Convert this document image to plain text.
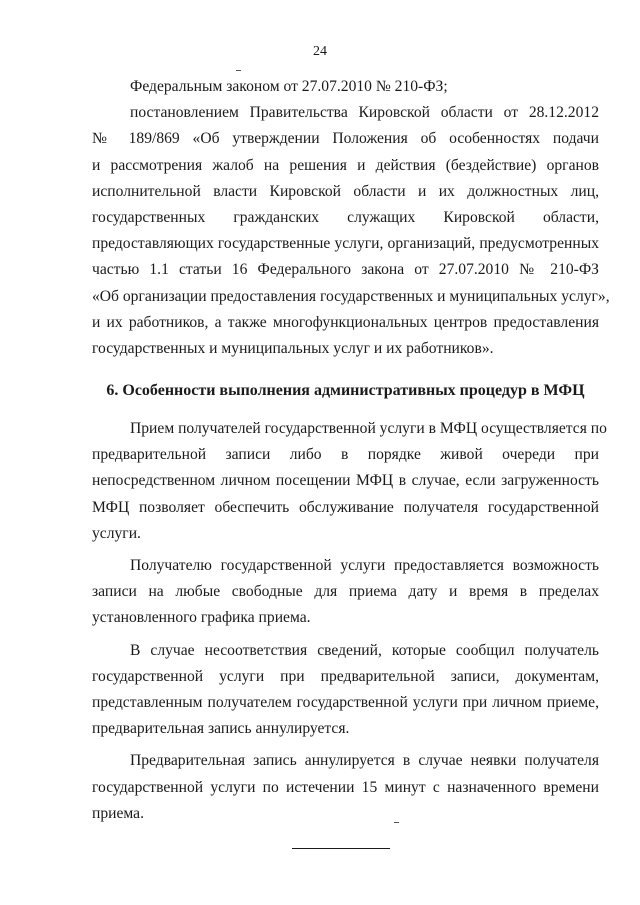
24
Федеральным законом от 27.07.2010 № 210-ФЗ;
постановлением Правительства Кировской области от 28.12.2012
№ 189/869 «Об утверждении Положения об особенностях подачи
и рассмотрения жалоб на решения и действия (бездействие) органов
исполнительной власти Кировской области и их должностных лиц,
государственных гражданских служащих Кировской области,
предоставляющих государственные услуги, организаций, предусмотренных
частью 1.1 статьи 16 Федерального закона от 27.07.2010 № 210-ФЗ
«Об организации предоставления государственных и муниципальных услуг»,
и их работников, а также многофункциональных центров предоставления
государственных и муниципальных услуг и их работников».
6. Особенности выполнения административных процедур в МФЦ
Прием получателей государственной услуги в МФЦ осуществляется по
предварительной записи либо в порядке живой очереди при
непосредственном личном посещении МФЦ в случае, если загруженность
МФЦ позволяет обеспечить обслуживание получателя государственной
услуги.
Получателю государственной услуги предоставляется возможность
записи на любые свободные для приема дату и время в пределах
установленного графика приема.
В случае несоответствия сведений, которые сообщил получатель
государственной услуги при предварительной записи, документам,
представленным получателем государственной услуги при личном приеме,
предварительная запись аннулируется.
Предварительная запись аннулируется в случае неявки получателя
государственной услуги по истечении 15 минут с назначенного времени
приема.
